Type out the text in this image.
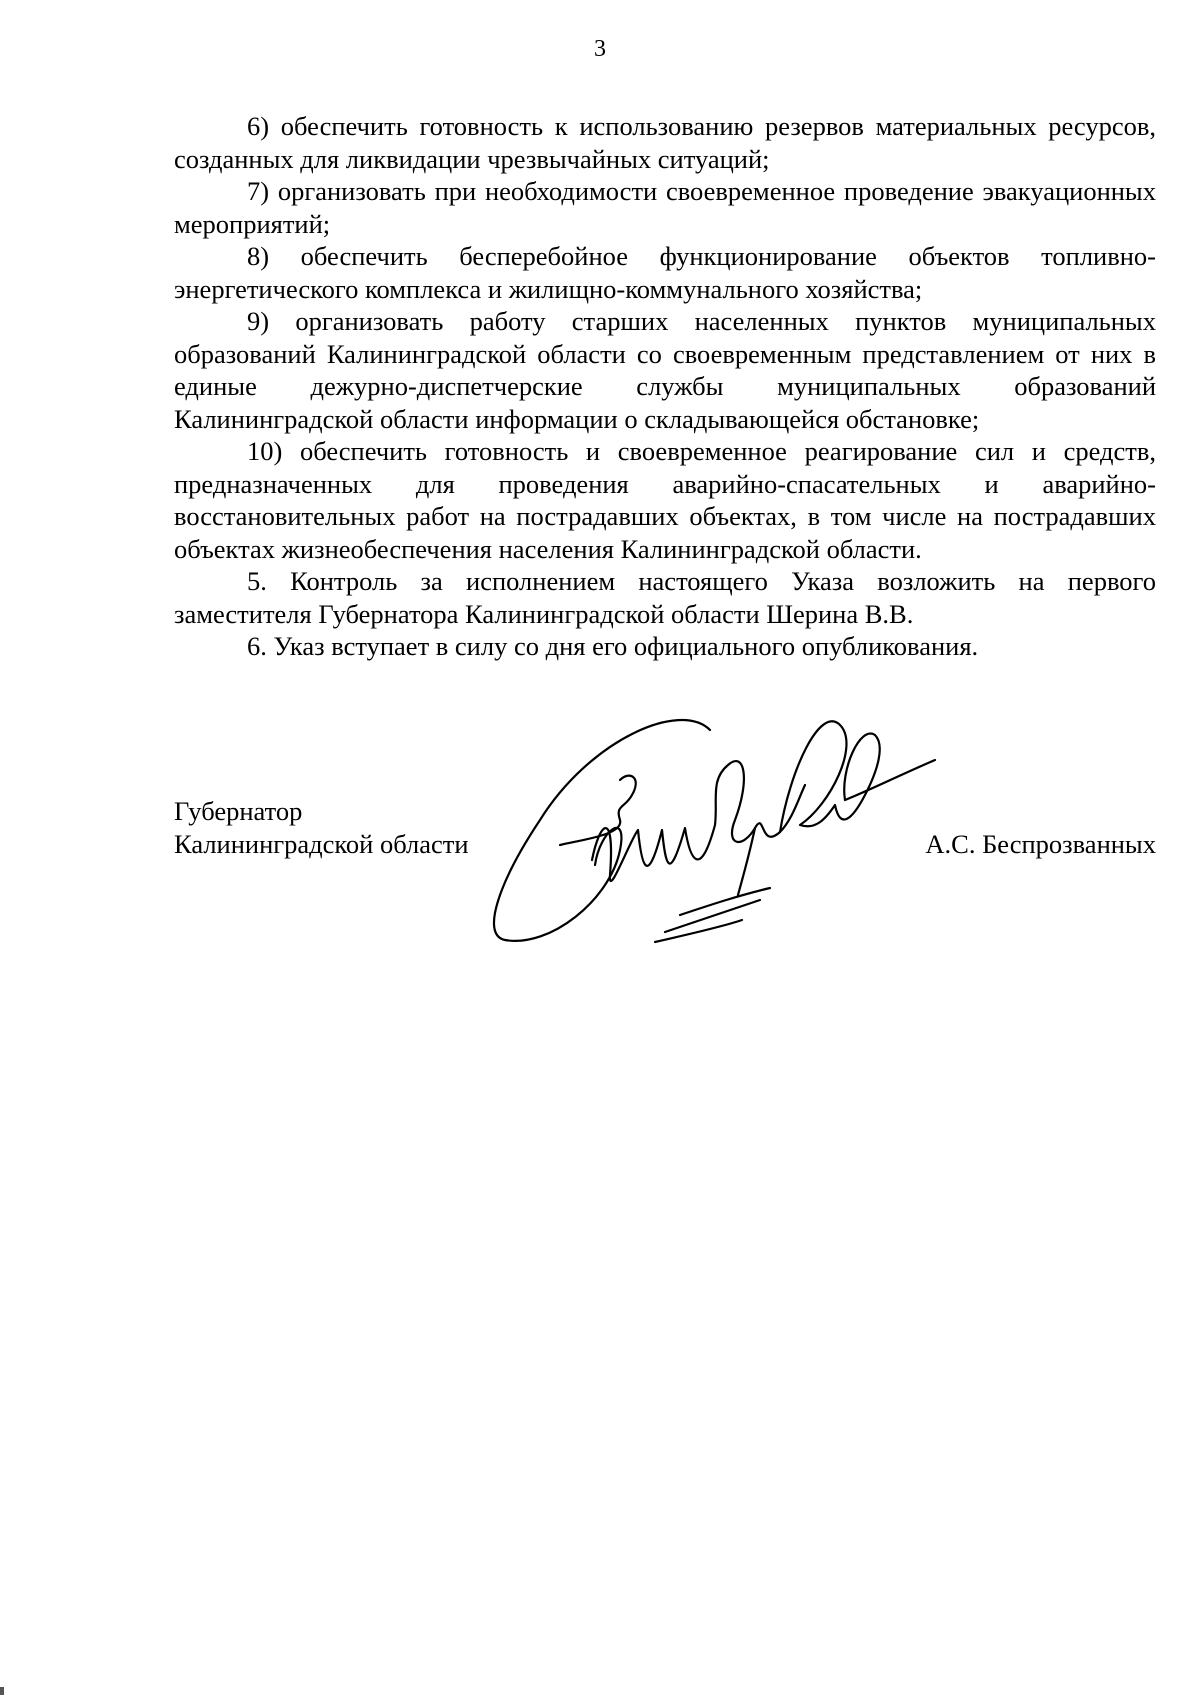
3

6) обеспечить готовность к использованию резервов материальных ресурсов, созданных для ликвидации чрезвычайных ситуаций;

7) организовать при необходимости своевременное проведение эвакуационных мероприятий;

8) обеспечить бесперебойное функционирование объектов топливно-энергетического комплекса и жилищно-коммунального хозяйства;

9) организовать работу старших населенных пунктов муниципальных образований Калининградской области со своевременным представлением от них в единые дежурно-диспетчерские службы муниципальных образований Калининградской области информации о складывающейся обстановке;

10) обеспечить готовность и своевременное реагирование сил и средств, предназначенных для проведения аварийно-спасательных и аварийно-восстановительных работ на пострадавших объектах, в том числе на пострадавших объектах жизнеобеспечения населения Калининградской области.

5. Контроль за исполнением настоящего Указа возложить на первого заместителя Губернатора Калининградской области Шерина В.В.

6. Указ вступает в силу со дня его официального опубликования.

Губернатор
Калининградской области	А.С. Беспрозванных
